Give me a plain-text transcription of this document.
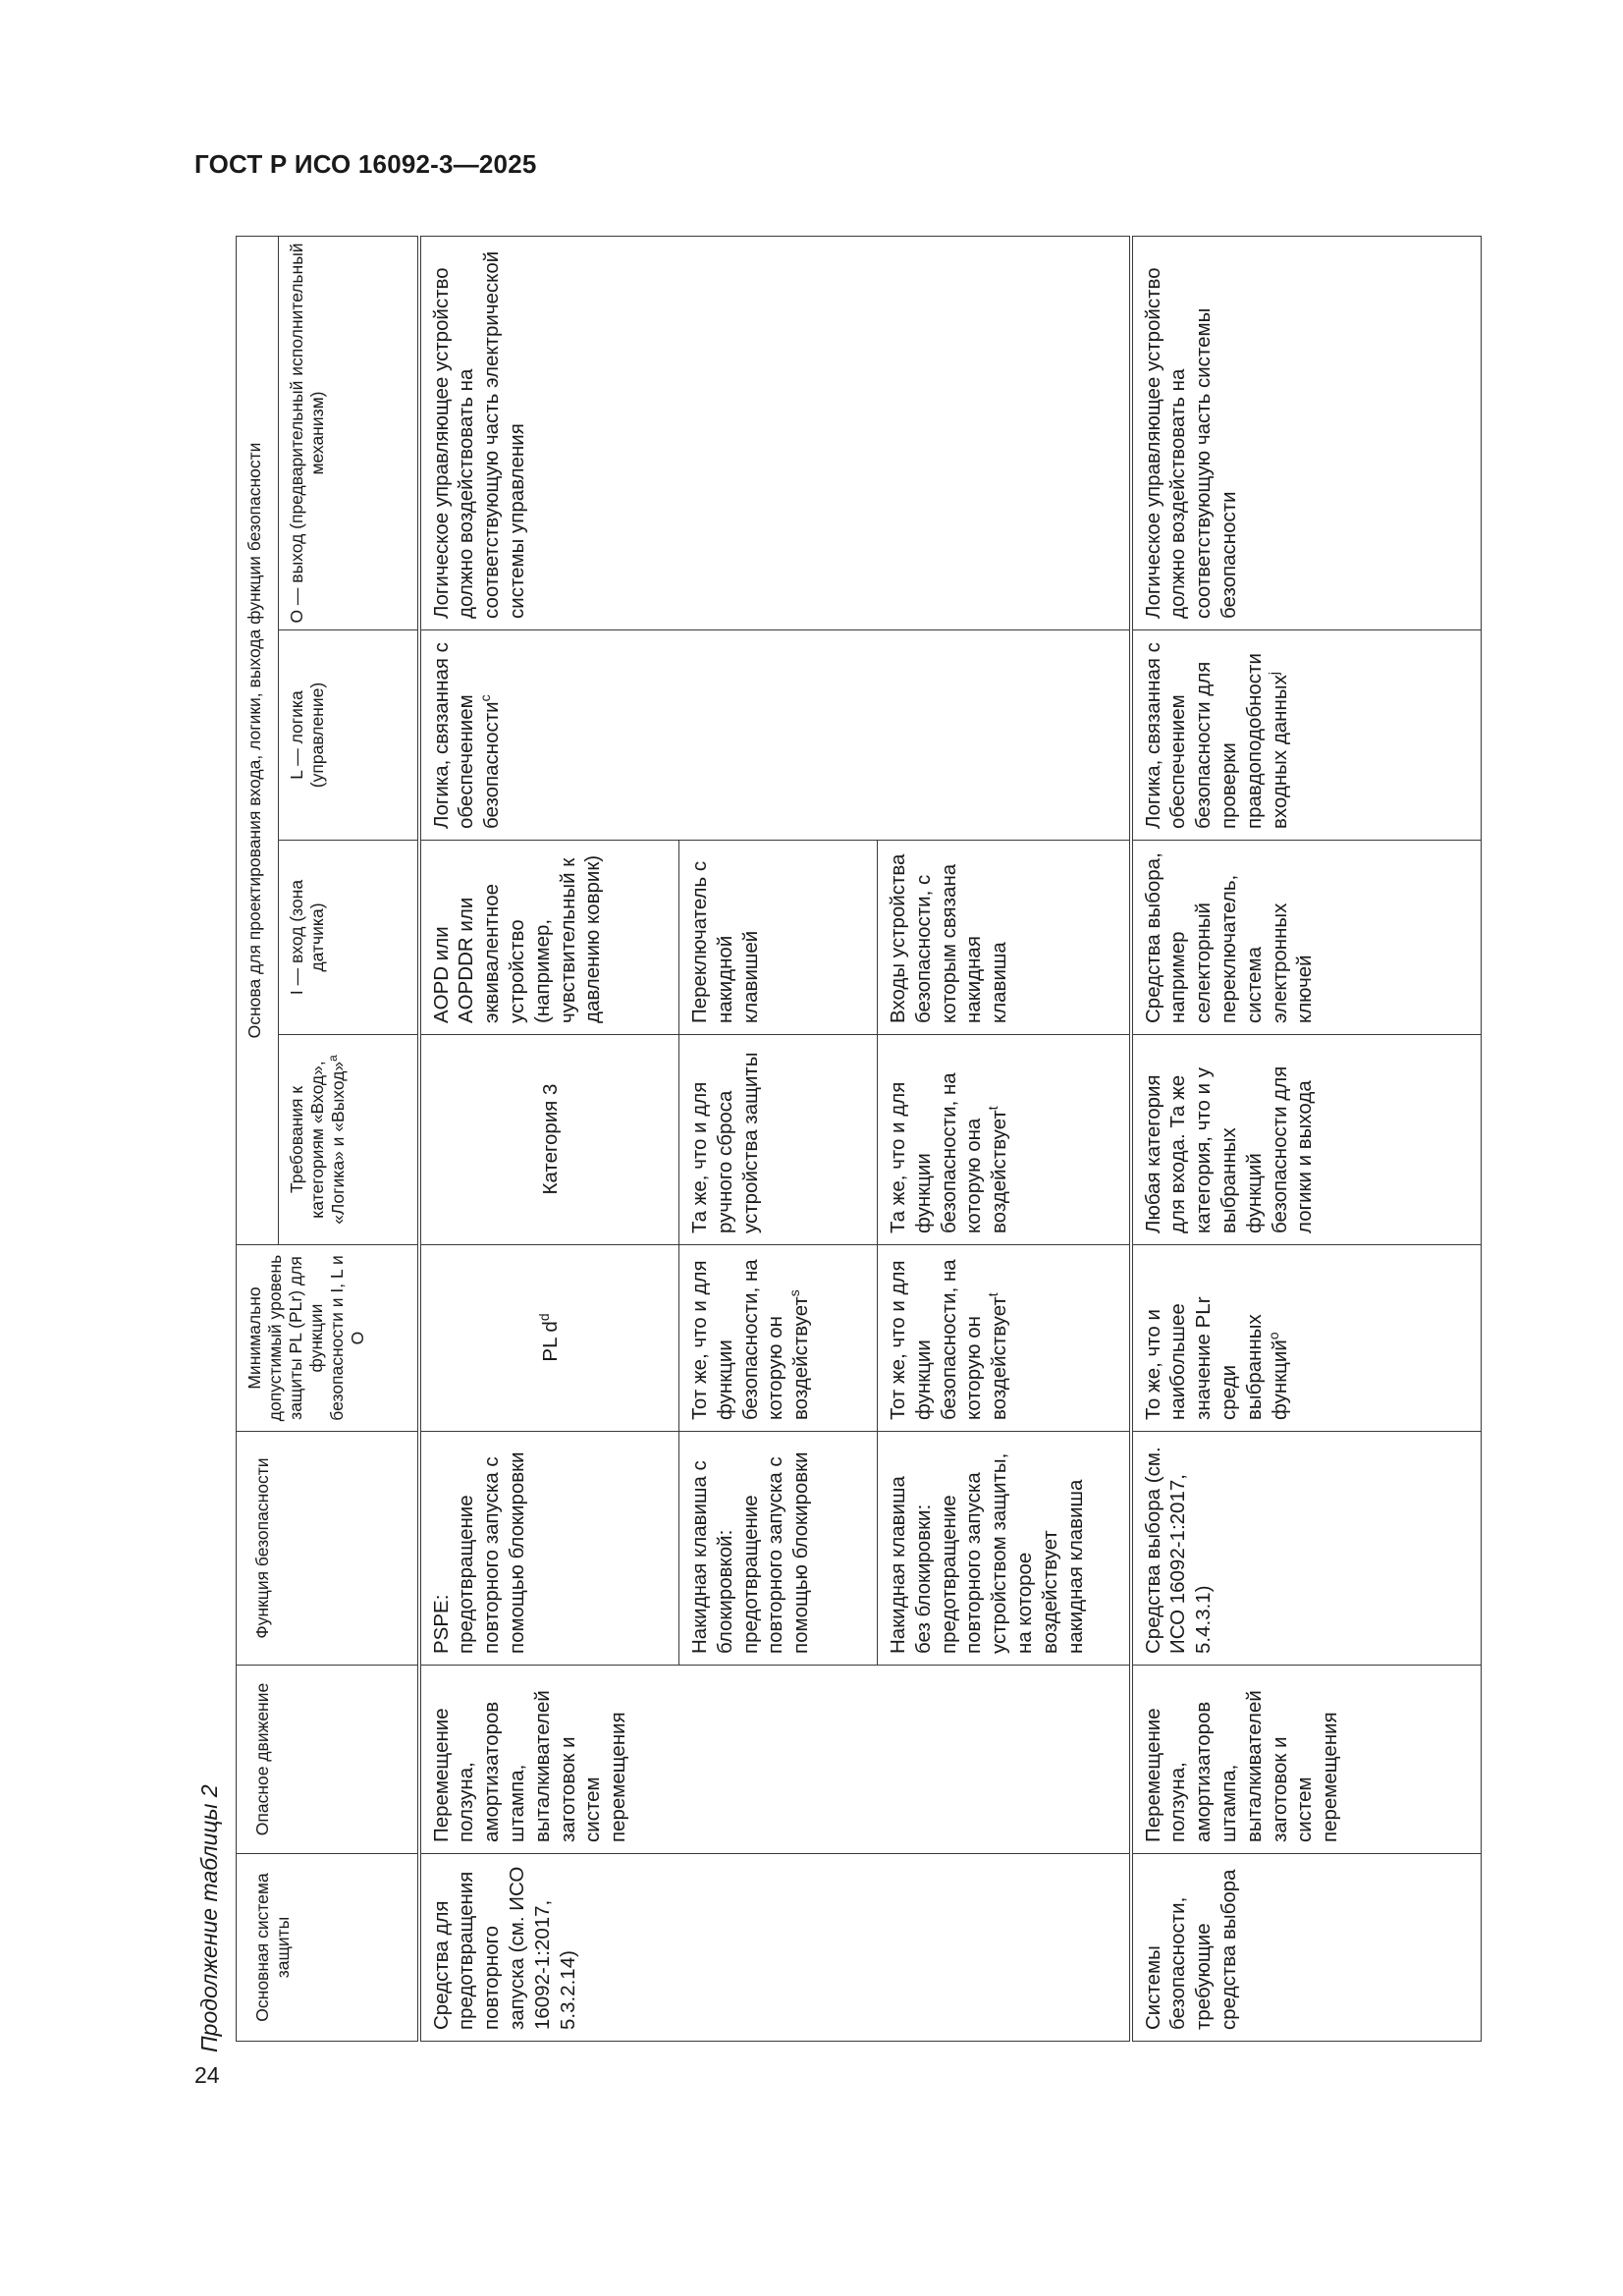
ГОСТ Р ИСО 16092-3—2025
Продолжение таблицы 2
24
Основная система защиты	Опасное движение	Функция безопасности	Минимально допустимый уровень защиты PL (PLr) для функции безопасности и I, L и O	Основа для проектирования входа, логики, выхода функции безопасности			
				Требования к категориям «Вход», «Логика» и «Выход»$^a$	I — вход (зона датчика)	L — логика (управление)	O — выход (предварительный исполнительный механизм)
Средства для предотвращения повторного запуска (см. ИСО 16092-1:2017, 5.3.2.14)	Перемещение ползуна, амортизаторов штампа, выталкивателей заготовок и систем перемещения	PSPE: предотвращение повторного запуска с помощью блокировки	PL $d^d$	Категория 3	AOPD или AOPDDR или эквивалентное устройство (например, чувствительный к давлению коврик)	Логика, связанная с обеспечением безопасности$^c$	Логическое управляющее устройство должно воздействовать на соответствующую часть электрической системы управления
		Накидная клавиша с блокировкой: предотвращение повторного запуска с помощью блокировки	Тот же, что и для функции безопасности, на которую он воздействует$^s$	Та же, что и для ручного сброса устройства защиты	Переключатель с накидной клавишей		
		Накидная клавиша без блокировки: предотвращение повторного запуска устройством защиты, на которое воздействует накидная клавиша	Тот же, что и для функции безопасности, на которую он воздействует$^t$	Та же, что и для функции безопасности, на которую она воздействует$^t$	Входы устройства безопасности, с которым связана накидная клавиша		
Системы безопасности, требующие средства выбора	Перемещение ползуна, амортизаторов штампа, выталкивателей заготовок и систем перемещения	Средства выбора (см. ИСО 16092-1:2017, 5.4.3.1)	То же, что и наибольшее значение PLr среди выбранных функций$^o$	Любая категория для входа. Та же категория, что и у выбранных функций безопасности для логики и выхода	Средства выбора, например селекторный переключатель, система электронных ключей	Логика, связанная с обеспечением безопасности для проверки правдоподобности входных данных$^j$	Логическое управляющее устройство должно воздействовать на соответствующую часть системы безопасности
